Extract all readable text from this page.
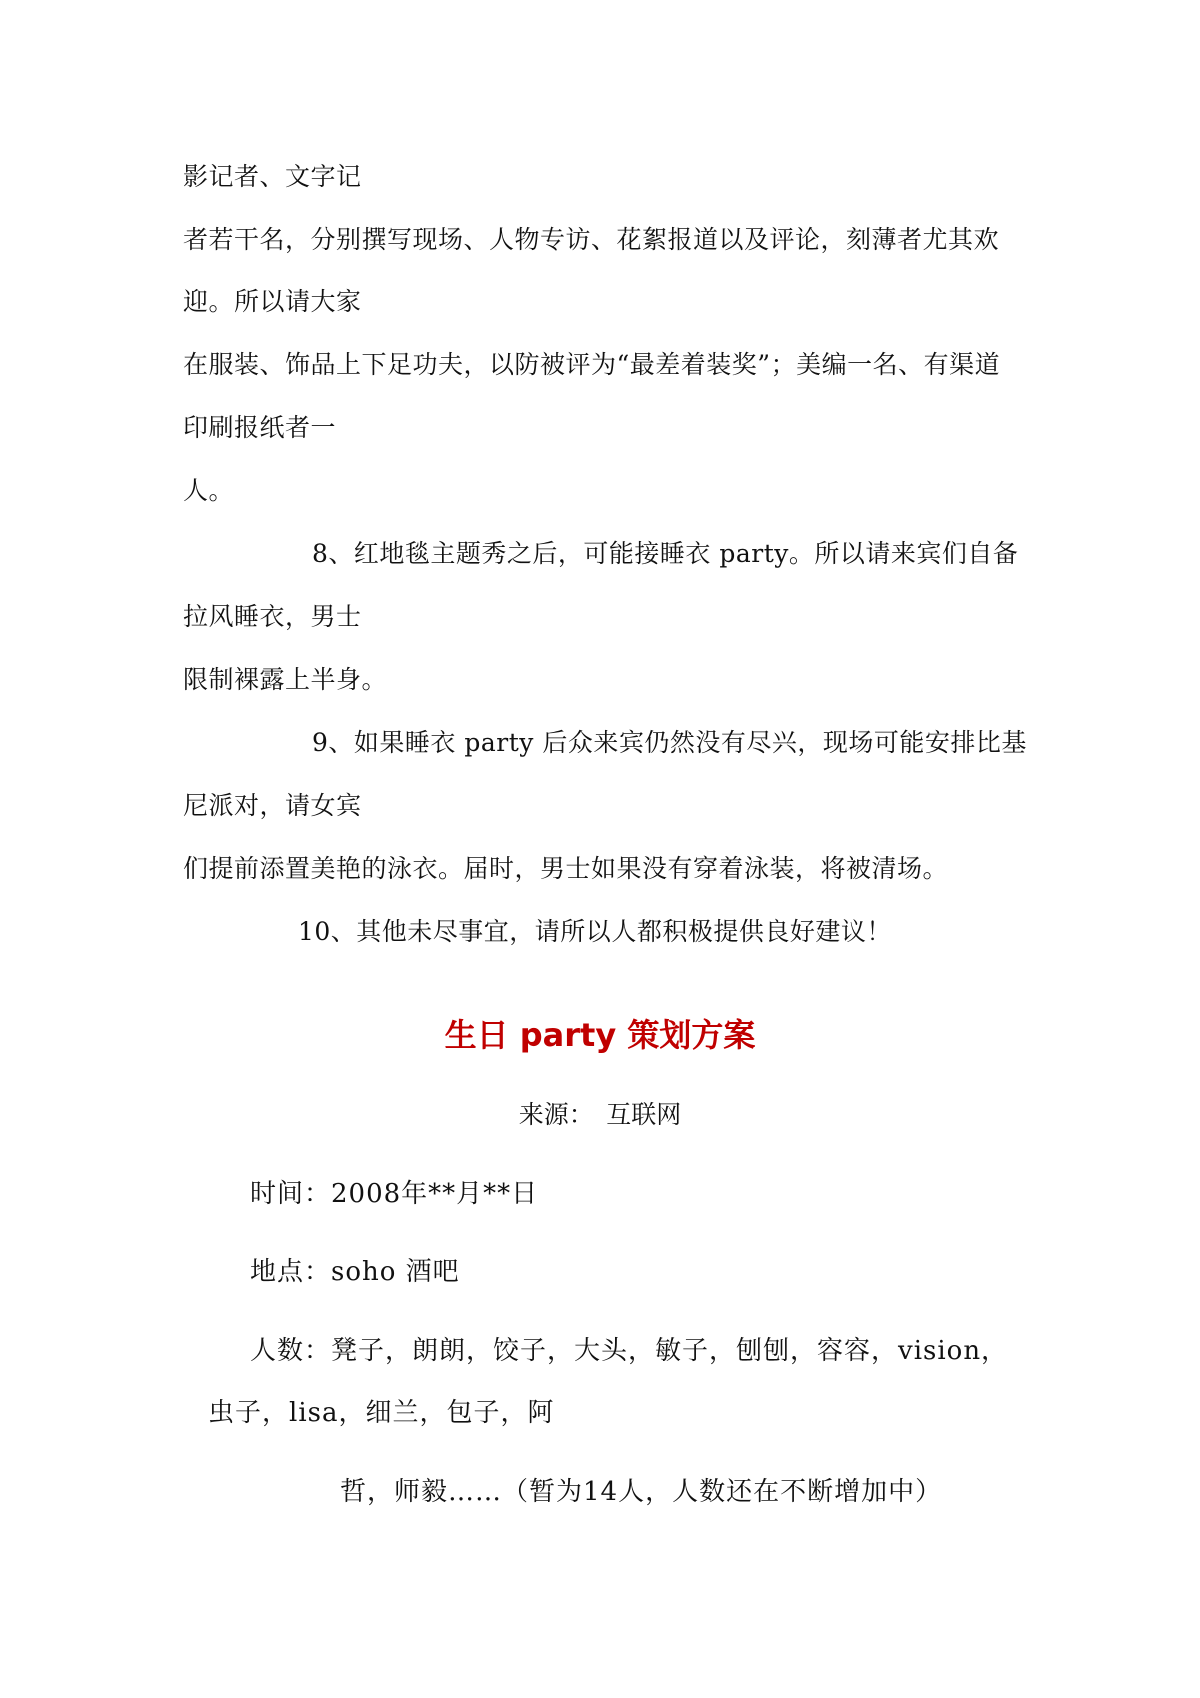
影记者、文字记
者若干名，分别撰写现场、人物专访、花絮报道以及评论，刻薄者尤其欢
迎。所以请大家
在服装、饰品上下足功夫，以防被评为“最差着装奖”；美编一名、有渠道
印刷报纸者一
人。
8、红地毯主题秀之后，可能接睡衣 party。所以请来宾们自备
拉风睡衣，男士
限制裸露上半身。
9、如果睡衣 party 后众来宾仍然没有尽兴，现场可能安排比基
尼派对，请女宾
们提前添置美艳的泳衣。届时，男士如果没有穿着泳装，将被清场。
10、其他未尽事宜，请所以人都积极提供良好建议！
生日 party 策划方案
来源：　互联网
时间：2008年**月**日
地点：soho 酒吧
人数：凳子，朗朗，饺子，大头，敏子，刨刨，容容，vision，
虫子，lisa，细兰，包子，阿
哲，师毅……（暂为14人，人数还在不断增加中）
